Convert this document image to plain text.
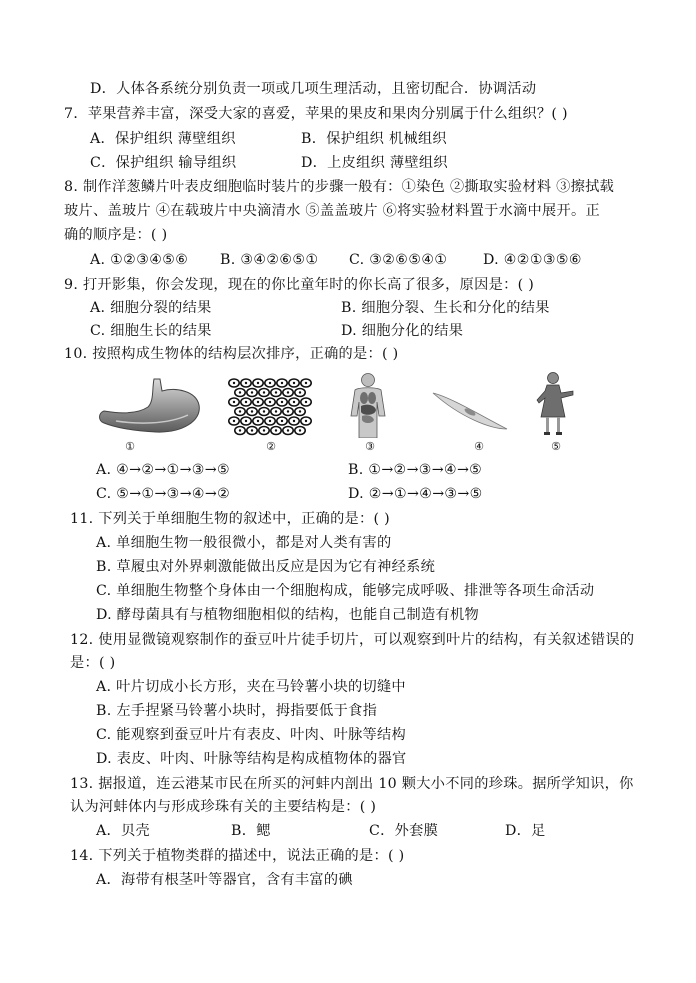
D．人体各系统分别负责一项或几项生理活动，且密切配合．协调活动
7．苹果营养丰富，深受大家的喜爱，苹果的果皮和果肉分别属于什么组织？( )
A．保护组织 薄壁组织	B．保护组织 机械组织
C．保护组织 输导组织	D．上皮组织 薄壁组织
8. 制作洋葱鳞片叶表皮细胞临时装片的步骤一般有：①染色 ②撕取实验材料 ③擦拭载
玻片、盖玻片 ④在载玻片中央滴清水 ⑤盖盖玻片 ⑥将实验材料置于水滴中展开。正
确的顺序是：( )
A. ①②③④⑤⑥ B. ③④②⑥⑤① C. ③②⑥⑤④①	D. ④②①③⑤⑥
9. 打开影集，你会发现，现在的你比童年时的你长高了很多，原因是：( )
A. 细胞分裂的结果	B. 细胞分裂、生长和分化的结果
C. 细胞生长的结果	D. 细胞分化的结果
10. 按照构成生物体的结构层次排序，正确的是：( )
①	②	③	④	⑤
A. ④→②→①→③→⑤	B. ①→②→③→④→⑤
C. ⑤→①→③→④→②	D. ②→①→④→③→⑤
11. 下列关于单细胞生物的叙述中，正确的是：( )
A. 单细胞生物一般很微小，都是对人类有害的
B. 草履虫对外界刺激能做出反应是因为它有神经系统
C. 单细胞生物整个身体由一个细胞构成，能够完成呼吸、排泄等各项生命活动
D. 酵母菌具有与植物细胞相似的结构，也能自己制造有机物
12. 使用显微镜观察制作的蚕豆叶片徒手切片，可以观察到叶片的结构，有关叙述错误的
是：( )
A. 叶片切成小长方形，夹在马铃薯小块的切缝中
B. 左手捏紧马铃薯小块时，拇指要低于食指
C. 能观察到蚕豆叶片有表皮、叶肉、叶脉等结构
D. 表皮、叶肉、叶脉等结构是构成植物体的器官
13. 据报道，连云港某市民在所买的河蚌内剖出 10 颗大小不同的珍珠。据所学知识，你
认为河蚌体内与形成珍珠有关的主要结构是：( )
A．贝壳	B．鳃	C．外套膜	D．足
14. 下列关于植物类群的描述中，说法正确的是：( )
A．海带有根茎叶等器官，含有丰富的碘
